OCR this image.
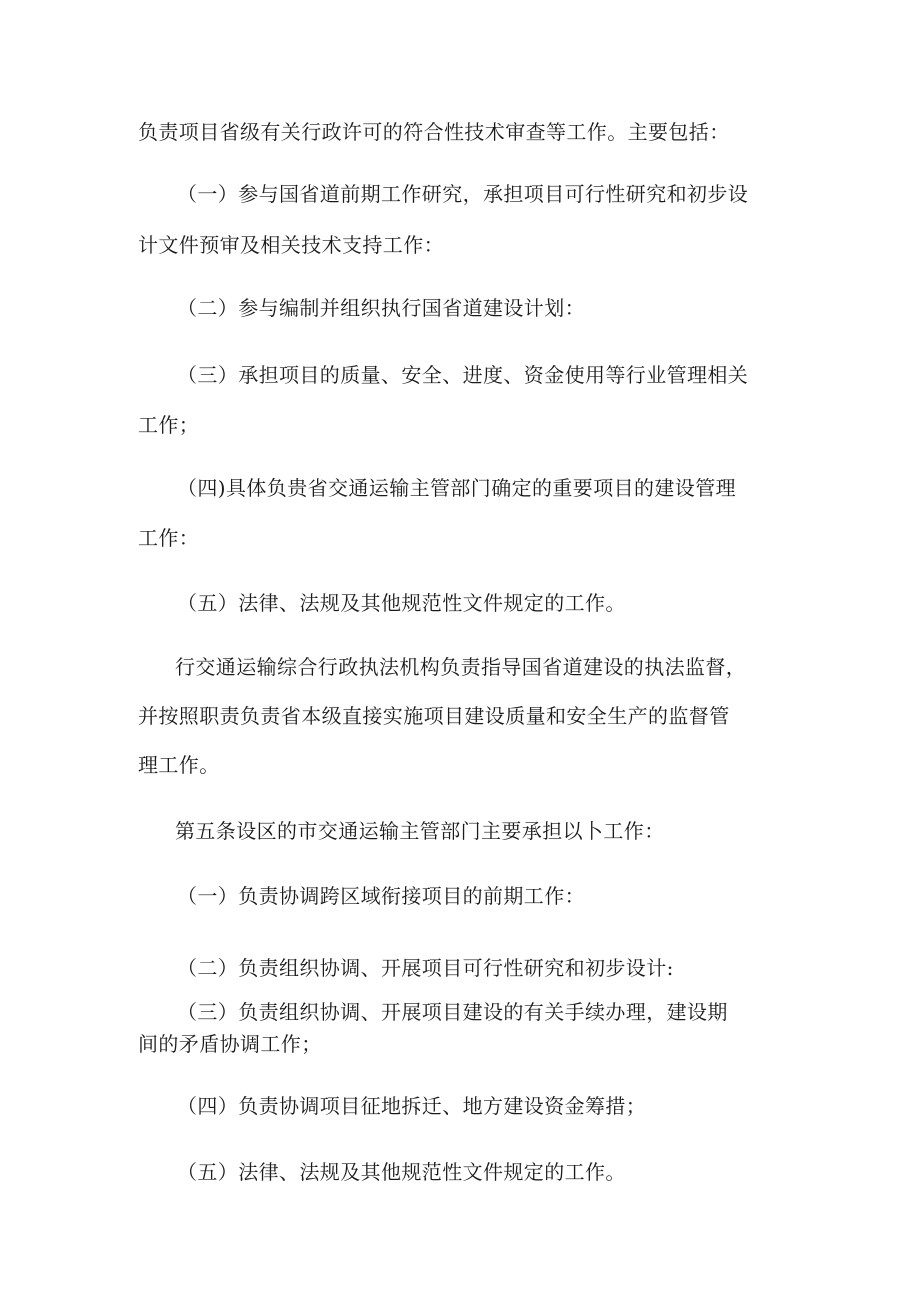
负责项目省级有关行政许可的符合性技术审查等工作。主要包括：
（一）参与国省道前期工作研究，承担项目可行性研究和初步设
计文件预审及相关技术支持工作：
（二）参与编制并组织执行国省道建设计划：
（三）承担项目的质量、安全、进度、资金使用等行业管理相关
工作；
（四)具体负贵省交通运输主管部门确定的重要项目的建设管理
工作：
（五）法律、法规及其他规范性文件规定的工作。
行交通运输综合行政执法机构负责指导国省道建设的执法监督，
并按照职责负责省本级直接实施项目建设质量和安全生产的监督管
理工作。
第五条设区的市交通运输主管部门主要承担以卜工作：
（一）负责协调跨区域衔接项目的前期工作：
（二）负责组织协调、开展项目可行性研究和初步设计:
（三）负责组织协调、开展项目建设的有关手续办理，建设期
间的矛盾协调工作；
（四）负责协调项目征地拆迁、地方建设资金筹措；
（五）法律、法规及其他规范性文件规定的工作。
